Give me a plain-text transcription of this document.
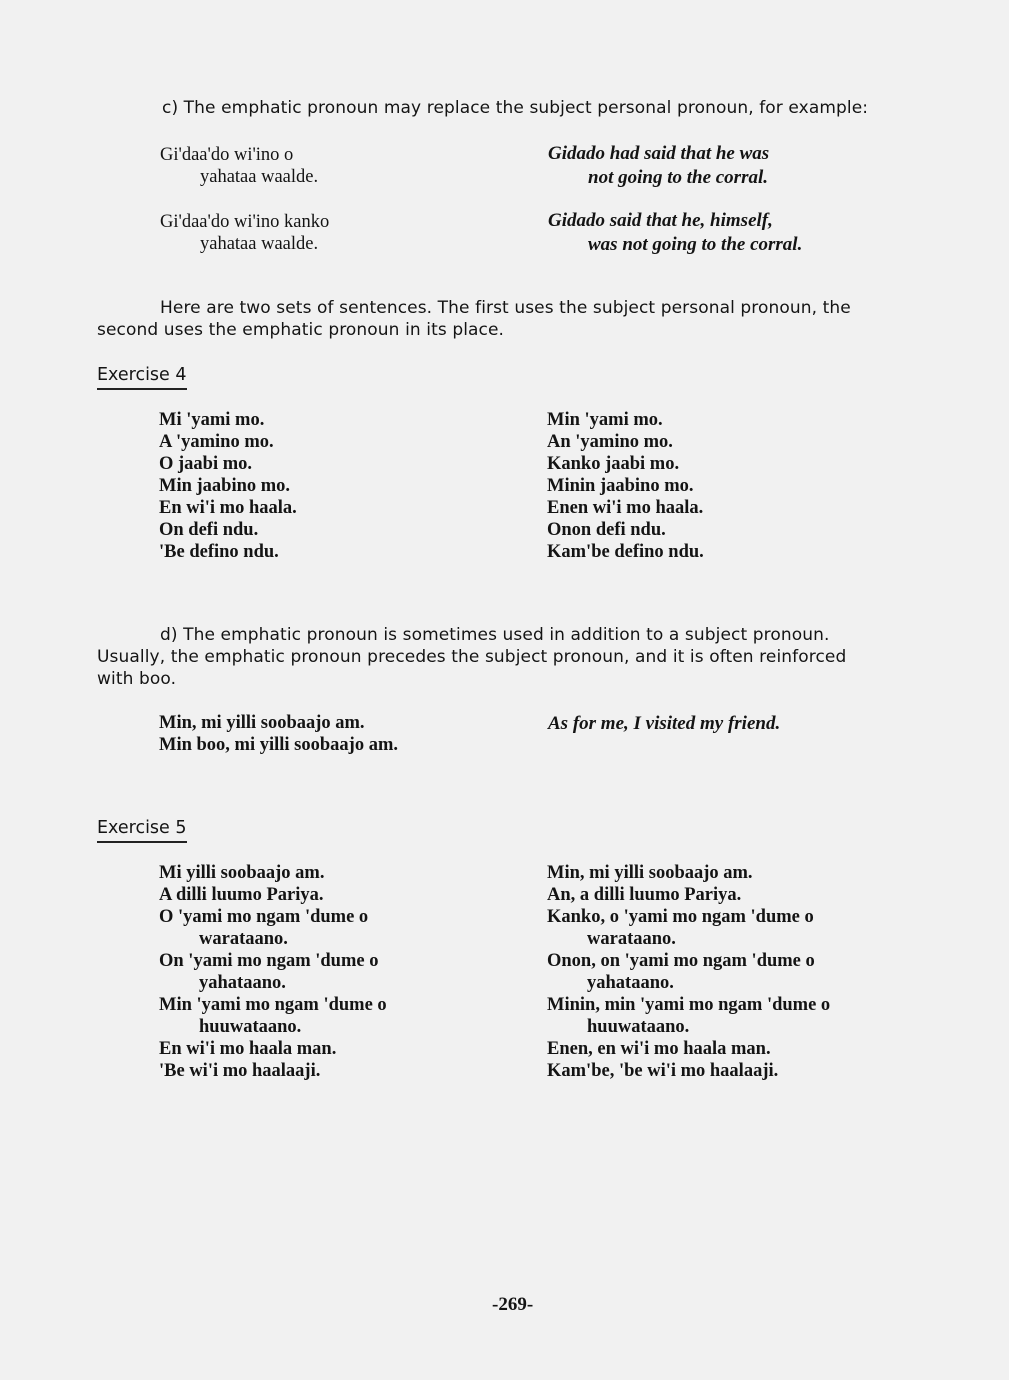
c) The emphatic pronoun may replace the subject personal pronoun, for example:
Gi'daa'do wi'ino o
yahataa waalde.
Gidado had said that he was
not going to the corral.
Gi'daa'do wi'ino kanko
yahataa waalde.
Gidado said that he, himself,
was not going to the corral.
Here are two sets of sentences. The first uses the subject personal pronoun, the
second uses the emphatic pronoun in its place.
Exercise 4
Mi 'yami mo.
A 'yamino mo.
O jaabi mo.
Min jaabino mo.
En wi'i mo haala.
On defi ndu.
'Be defino ndu.
Min 'yami mo.
An 'yamino mo.
Kanko jaabi mo.
Minin jaabino mo.
Enen wi'i mo haala.
Onon defi ndu.
Kam'be defino ndu.
d) The emphatic pronoun is sometimes used in addition to a subject pronoun.
Usually, the emphatic pronoun precedes the subject pronoun, and it is often reinforced
with boo.
Min, mi yilli soobaajo am.
Min boo, mi yilli soobaajo am.
As for me, I visited my friend.
Exercise 5
Mi yilli soobaajo am.
A dilli luumo Pariya.
O 'yami mo ngam 'dume o
warataano.
On 'yami mo ngam 'dume o
yahataano.
Min 'yami mo ngam 'dume o
huuwataano.
En wi'i mo haala man.
'Be wi'i mo haalaaji.
Min, mi yilli soobaajo am.
An, a dilli luumo Pariya.
Kanko, o 'yami mo ngam 'dume o
warataano.
Onon, on 'yami mo ngam 'dume o
yahataano.
Minin, min 'yami mo ngam 'dume o
huuwataano.
Enen, en wi'i mo haala man.
Kam'be, 'be wi'i mo haalaaji.
-269-
